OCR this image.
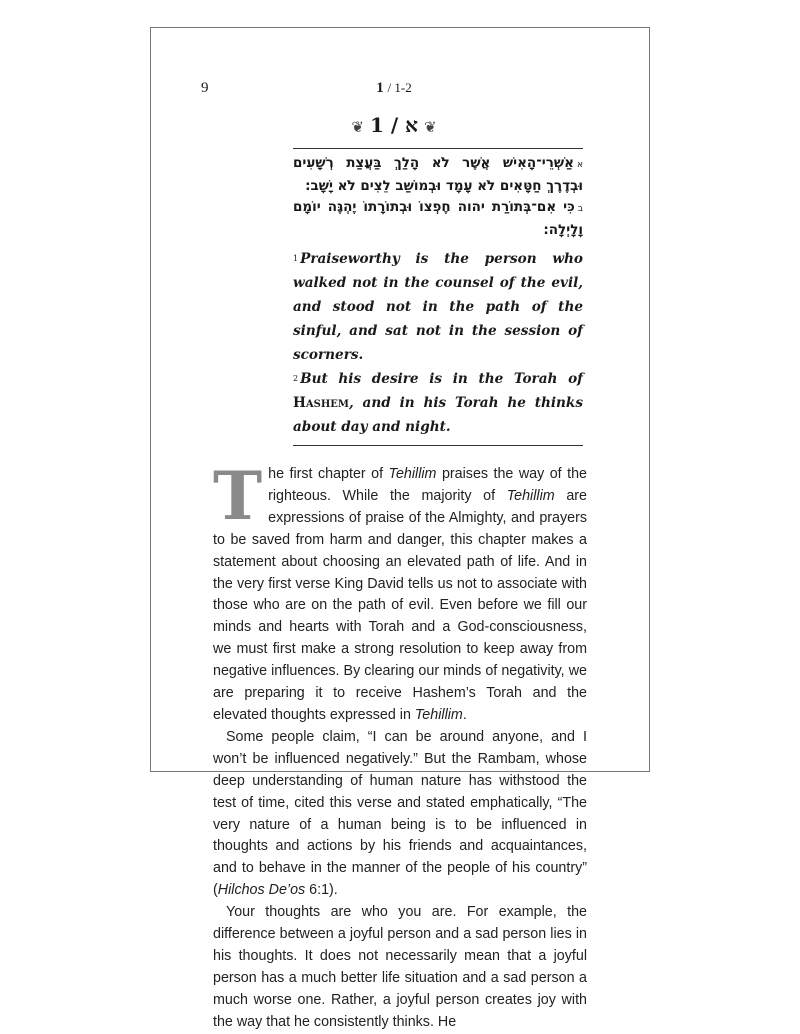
9	1 / 1-2
❦ א / 1	❦
אאַשְׁרֵי־הָאִישׁ אֲשֶׁר לֹא הָלַךְ בַּעֲצַת רְשָׁעִים וּבְדֶרֶךְ חַטָּאִים לֹא עָמָד וּבְמוֹשַׁב לֵצִים לֹא יָשָׁב:
בכִּי אִם־בְּתוֹרַת יהוה חֶפְצוֹ וּבְתוֹרָתוֹ יֶהְגֶּה יוֹמָם וָלָיְלָה:
$^1$ Praiseworthy is the person who walked not in the counsel of the evil, and stood not in the path of the sinful, and sat not in the session of scorners.
$^2$ But his desire is in the Torah of Hashem, and in his Torah he thinks about day and night.

The first chapter of Tehillim praises the way of the righteous. While the majority of Tehillim are expressions of praise of the Almighty, and prayers to be saved from harm and danger, this chapter makes a statement about choosing an elevated path of life. And in the very first verse King David tells us not to associate with those who are on the path of evil. Even before we fill our minds and hearts with Torah and a God-consciousness, we must first make a strong resolution to keep away from negative influences. By clearing our minds of negativity, we are preparing it to receive Hashem’s Torah and the elevated thoughts expressed in Tehillim.

Some people claim, “I can be around anyone, and I won’t be influenced negatively.” But the Rambam, whose deep understanding of human nature has withstood the test of time, cited this verse and stated emphatically, “The very nature of a human being is to be influenced in thoughts and actions by his friends and acquaintances, and to behave in the manner of the people of his country” (Hilchos De’os 6:1).

Your thoughts are who you are. For example, the difference between a joyful person and a sad person lies in his thoughts. It does not necessarily mean that a joyful person has a much better life situation and a sad person a much worse one. Rather, a joyful person creates joy with the way that he consistently thinks. He
